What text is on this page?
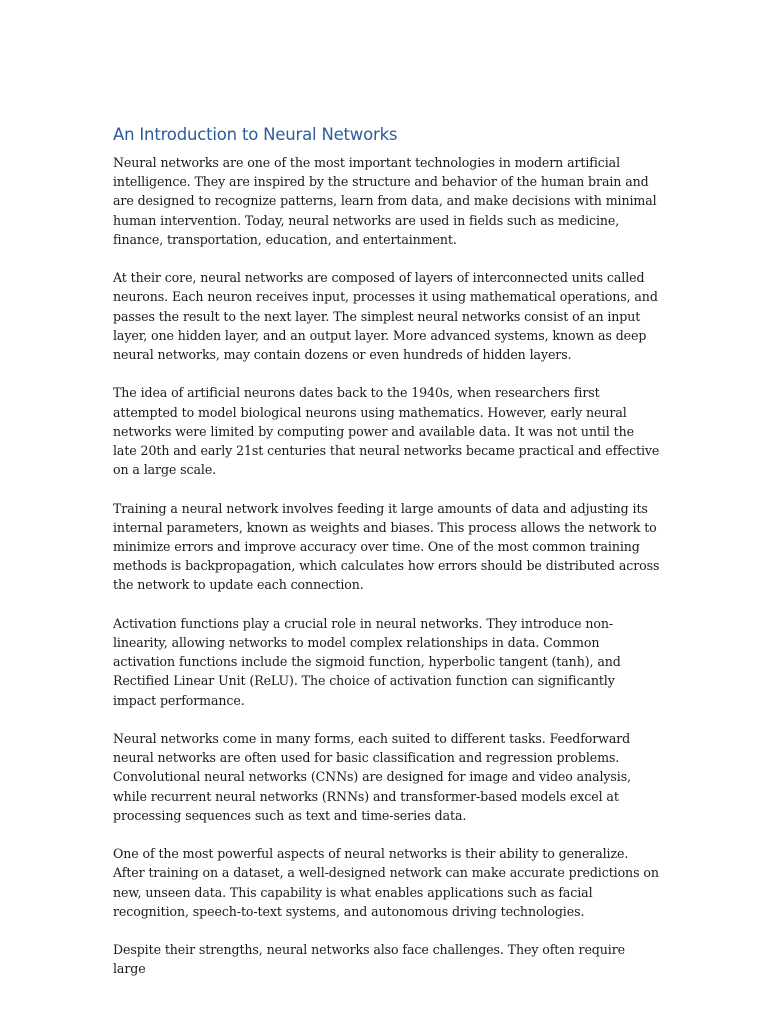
An Introduction to Neural Networks

Neural networks are one of the most important technologies in modern artificial intelligence. They are inspired by the structure and behavior of the human brain and are designed to recognize patterns, learn from data, and make decisions with minimal human intervention. Today, neural networks are used in fields such as medicine, finance, transportation, education, and entertainment.

At their core, neural networks are composed of layers of interconnected units called neurons. Each neuron receives input, processes it using mathematical operations, and passes the result to the next layer. The simplest neural networks consist of an input layer, one hidden layer, and an output layer. More advanced systems, known as deep neural networks, may contain dozens or even hundreds of hidden layers.

The idea of artificial neurons dates back to the 1940s, when researchers first attempted to model biological neurons using mathematics. However, early neural networks were limited by computing power and available data. It was not until the late 20th and early 21st centuries that neural networks became practical and effective on a large scale.

Training a neural network involves feeding it large amounts of data and adjusting its internal parameters, known as weights and biases. This process allows the network to minimize errors and improve accuracy over time. One of the most common training methods is backpropagation, which calculates how errors should be distributed across the network to update each connection.

Activation functions play a crucial role in neural networks. They introduce non-linearity, allowing networks to model complex relationships in data. Common activation functions include the sigmoid function, hyperbolic tangent (tanh), and Rectified Linear Unit (ReLU). The choice of activation function can significantly impact performance.

Neural networks come in many forms, each suited to different tasks. Feedforward neural networks are often used for basic classification and regression problems. Convolutional neural networks (CNNs) are designed for image and video analysis, while recurrent neural networks (RNNs) and transformer-based models excel at processing sequences such as text and time-series data.

One of the most powerful aspects of neural networks is their ability to generalize. After training on a dataset, a well-designed network can make accurate predictions on new, unseen data. This capability is what enables applications such as facial recognition, speech-to-text systems, and autonomous driving technologies.

Despite their strengths, neural networks also face challenges. They often require large
